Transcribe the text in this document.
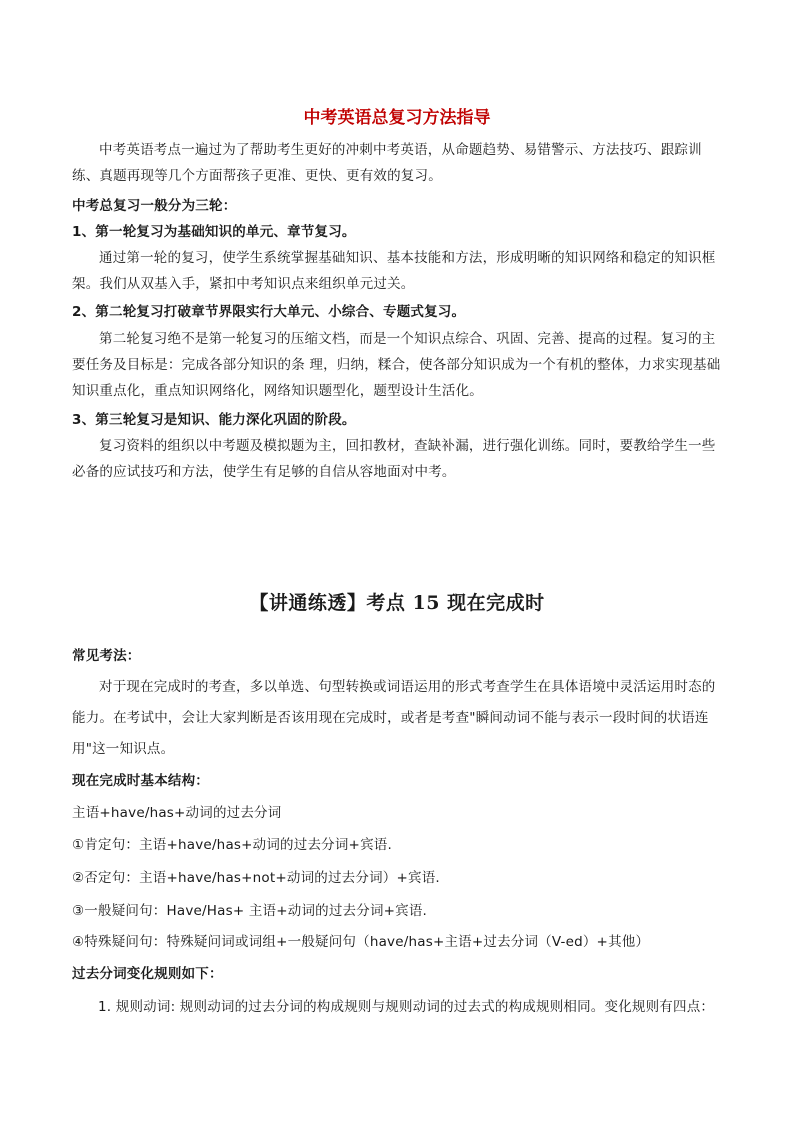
中考英语总复习方法指导
中考英语考点一遍过为了帮助考生更好的冲刺中考英语，从命题趋势、易错警示、方法技巧、跟踪训练、真题再现等几个方面帮孩子更准、更快、更有效的复习。
中考总复习一般分为三轮：
1、第一轮复习为基础知识的单元、章节复习。
通过第一轮的复习，使学生系统掌握基础知识、基本技能和方法，形成明晰的知识网络和稳定的知识框架。我们从双基入手，紧扣中考知识点来组织单元过关。
2、第二轮复习打破章节界限实行大单元、小综合、专题式复习。
第二轮复习绝不是第一轮复习的压缩文档，而是一个知识点综合、巩固、完善、提高的过程。复习的主要任务及目标是：完成各部分知识的条 理，归纳，糅合，使各部分知识成为一个有机的整体，力求实现基础知识重点化，重点知识网络化，网络知识题型化，题型设计生活化。
3、第三轮复习是知识、能力深化巩固的阶段。
复习资料的组织以中考题及模拟题为主，回扣教材，查缺补漏，进行强化训练。同时，要教给学生一些必备的应试技巧和方法，使学生有足够的自信从容地面对中考。
【讲通练透】考点 15 现在完成时
常见考法：
对于现在完成时的考查，多以单选、句型转换或词语运用的形式考查学生在具体语境中灵活运用时态的能力。在考试中，会让大家判断是否该用现在完成时，或者是考查"瞬间动词不能与表示一段时间的状语连用"这一知识点。
现在完成时基本结构：
主语+have/has+动词的过去分词
①肯定句：主语+have/has+动词的过去分词+宾语.
②否定句：主语+have/has+not+动词的过去分词）+宾语.
③一般疑问句：Have/Has+ 主语+动词的过去分词+宾语.
④特殊疑问句：特殊疑问词或词组+一般疑问句（have/has+主语+过去分词（V-ed）+其他）
过去分词变化规则如下：
1. 规则动词: 规则动词的过去分词的构成规则与规则动词的过去式的构成规则相同。变化规则有四点：
